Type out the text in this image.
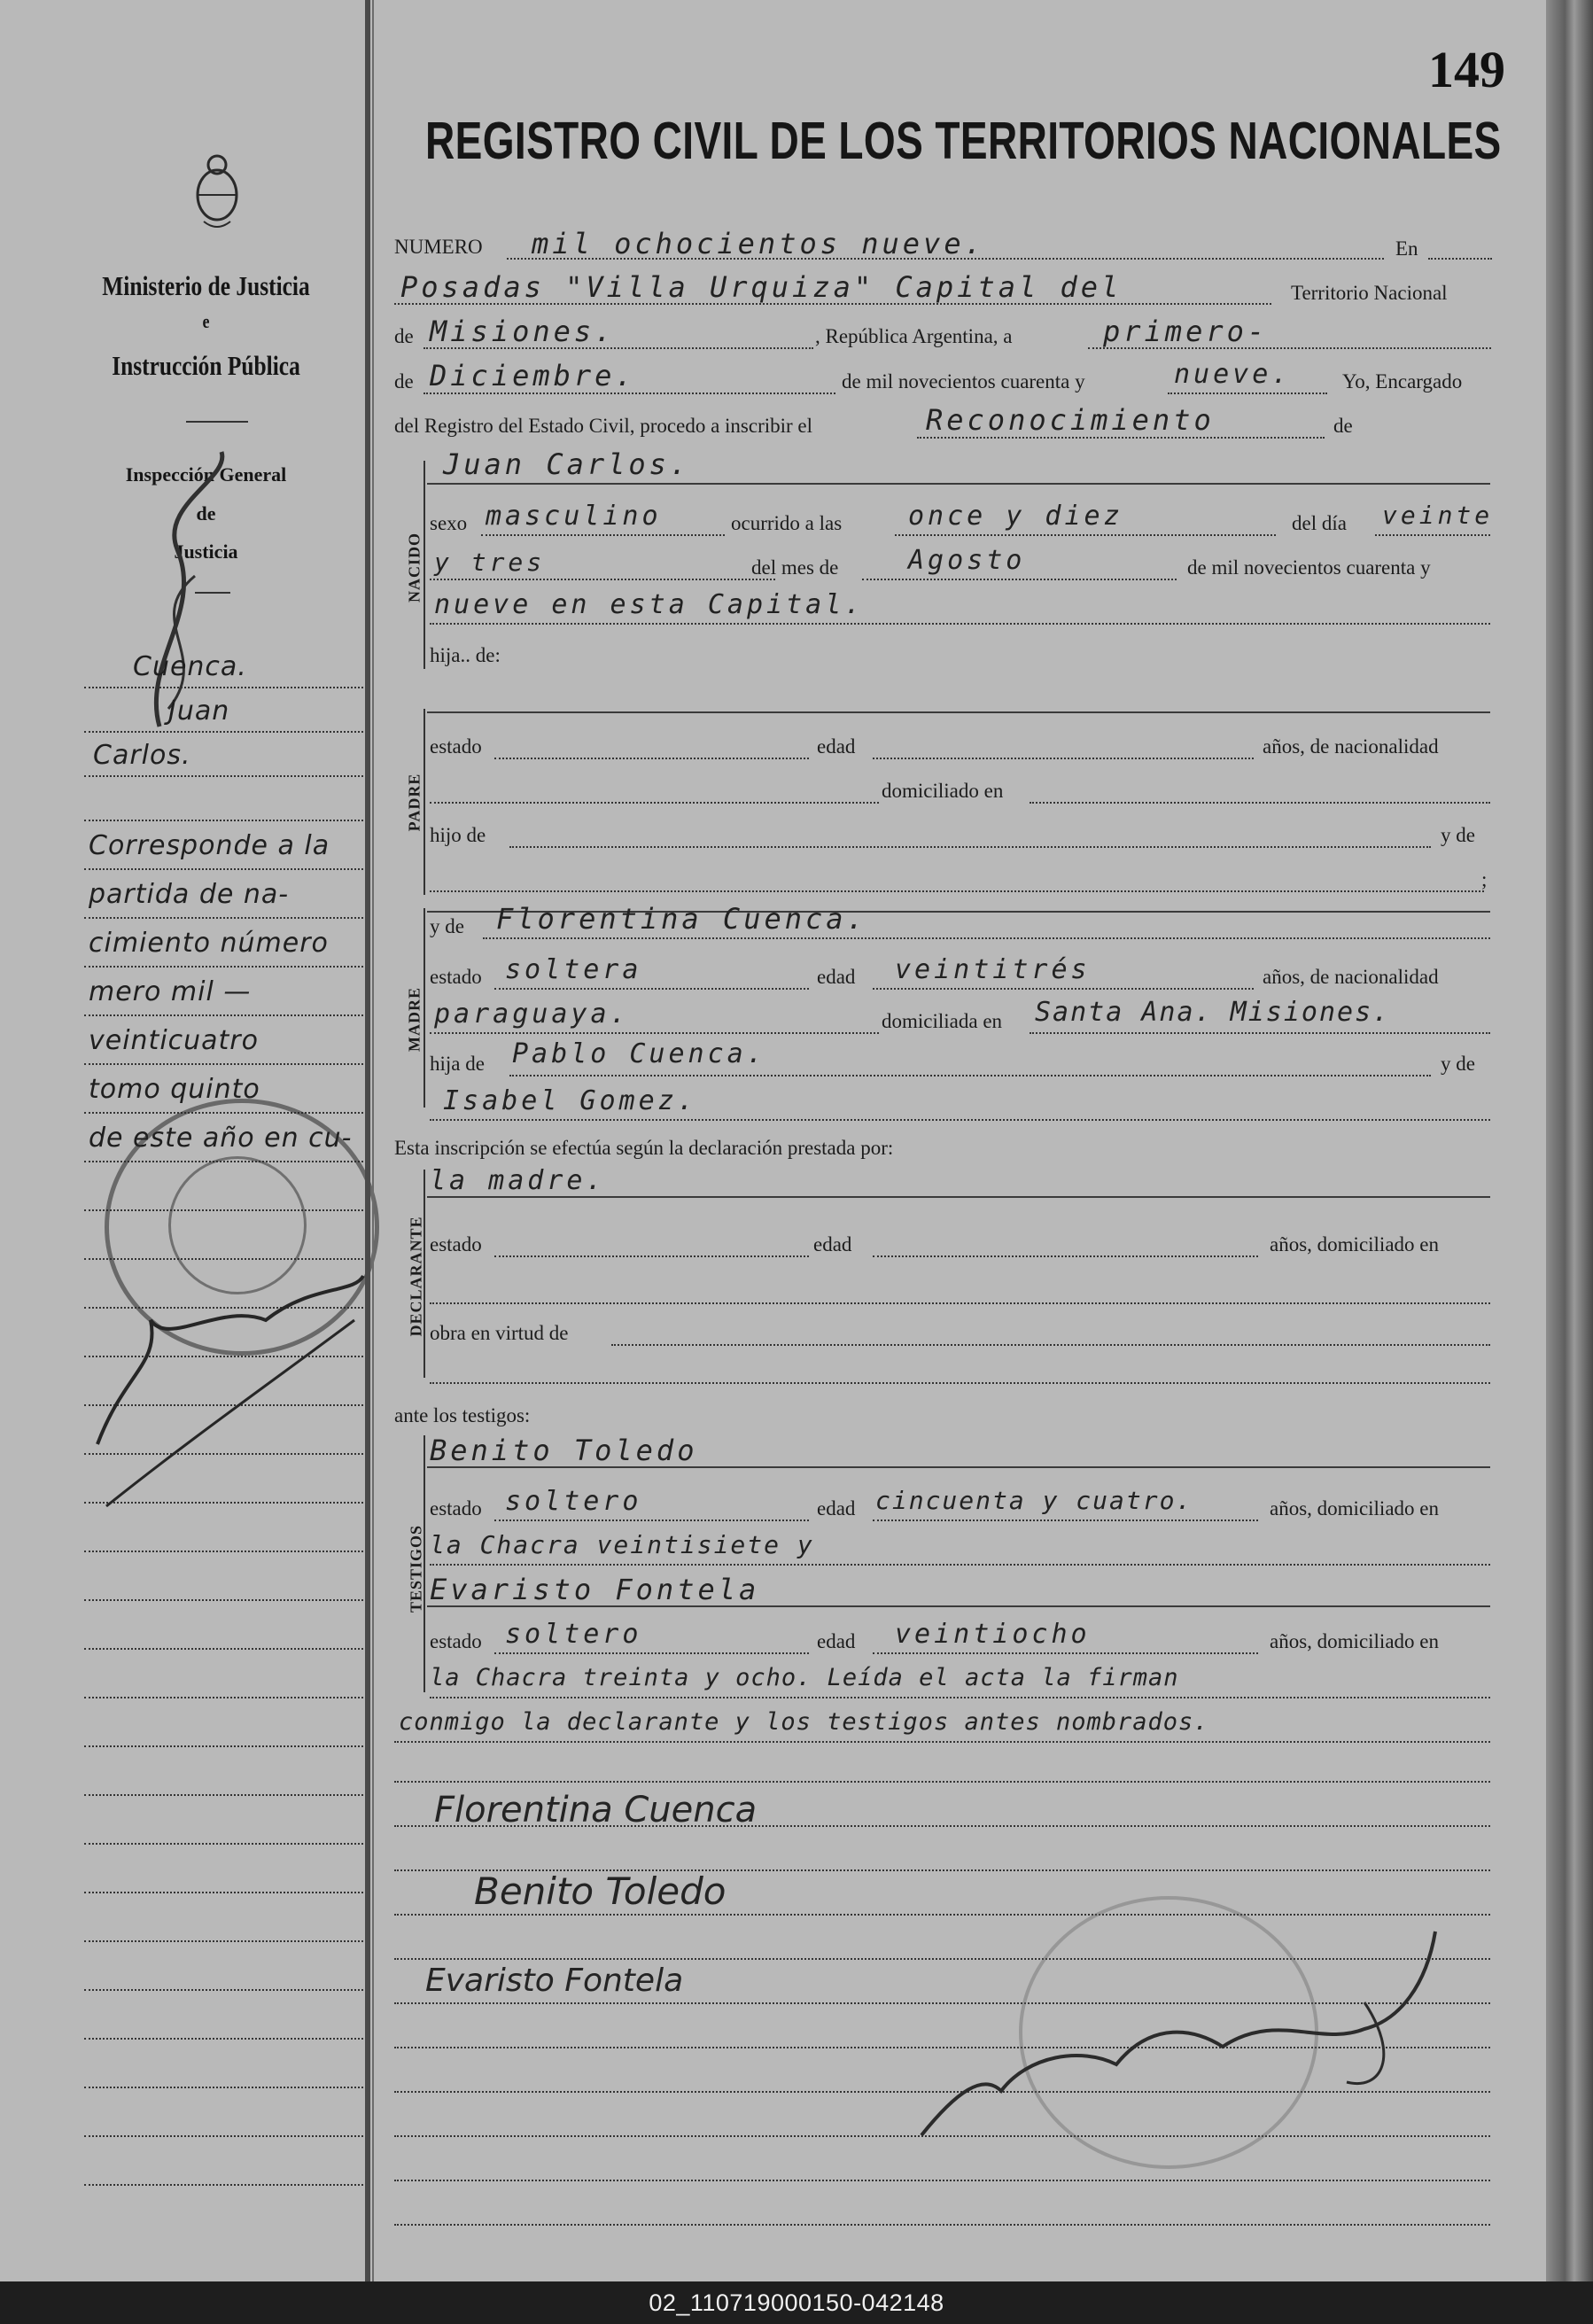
149
REGISTRO CIVIL DE LOS TERRITORIOS NACIONALES
Ministerio de Justicia
e
Instrucción Pública
Inspección General
de
Justicia
Cuenca.
Juan
Carlos.
Corresponde a la
partida de na-
cimiento número
mero mil —
veinticuatro
tomo quinto
de este año en cu-
NUMERO mil ochocientos nueve.	En
Posadas "Villa Urquiza" Capital del	Territorio Nacional
de Misiones.	, República Argentina, a	primero-
de Diciembre.	de mil novecientos cuarenta y	nueve.	Yo, Encargado
del Registro del Estado Civil, procedo a inscribir el	Reconocimiento	de
NACIDO
Juan Carlos.
sexo masculino	ocurrido a las once y diez	del día veinte
y tres	del mes de	Agosto	de mil novecientos cuarenta y
nueve en esta Capital.
hija.. de:
PADRE
estado	edad	años, de nacionalidad
domiciliado en
hijo de	y de
;
MADRE
y de Florentina Cuenca.
estado soltera	edad veintitrés	años, de nacionalidad
paraguaya.	domiciliada en Santa Ana. Misiones.
hija de Pablo Cuenca.	y de
Isabel Gomez.
Esta inscripción se efectúa según la declaración prestada por:
DECLARANTE
la madre.
estado	edad	años, domiciliado en
obra en virtud de
ante los testigos:
TESTIGOS
Benito Toledo
estado soltero	edad cincuenta y cuatro.	años, domiciliado en
la Chacra veintisiete y
Evaristo Fontela
estado soltero	edad veintiocho	años, domiciliado en
la Chacra treinta y ocho. Leída el acta la firman
conmigo la declarante y los testigos antes nombrados.
Florentina Cuenca
Benito Toledo
Evaristo Fontela
02_110719000150-042148
